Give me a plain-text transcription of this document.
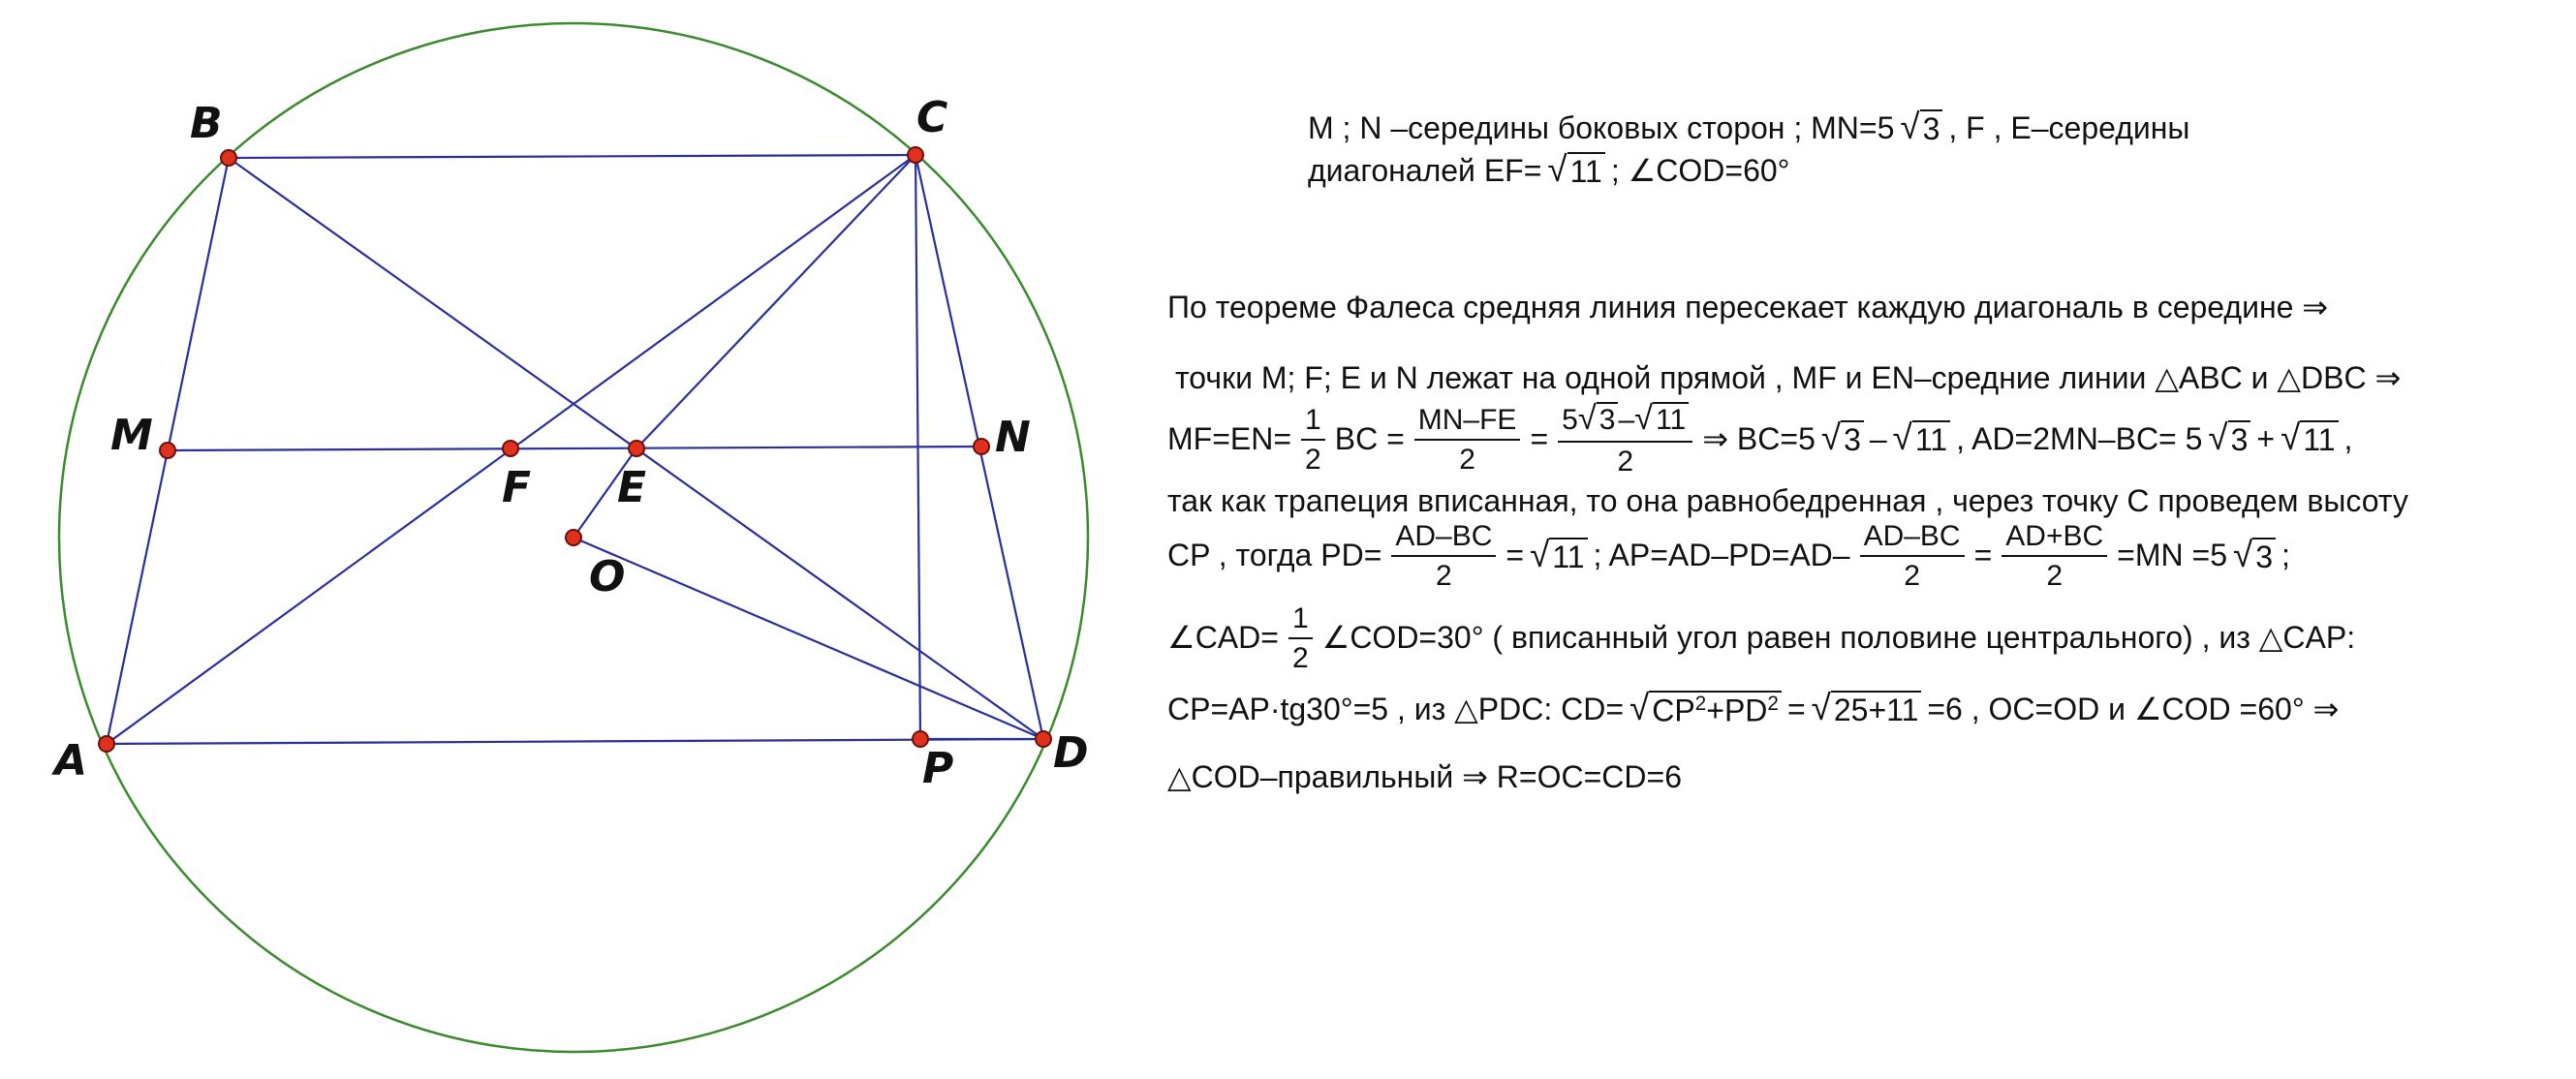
B	C
M
F E
N
O
A	P D
M ; N –середины боковых сторон ; MN=5 √ 3 , F , E–середины
диагоналей EF= √ 11 ; ∠COD=60°
По теореме Фалеса средняя линия пересекает каждую диагональ в середине ⇒
точки M; F; E и N лежат на одной прямой , MF и EN–средние линии △ABC и △DBC ⇒
$MF=EN= \frac{1}{2}$ BC = $\frac{MN-FE}{2} = \frac{5 √ 3 - √ 11}{2}$ ⇒ BC=5 √ 3 – √ 11 , AD=2MN–BC= 5 √ 3 + √ 11 ,
так как трапеция вписанная, то она равнобедренная , через точку C проведем высоту
CP , тогда $PD= \frac{AD-BC}{2}$ = √ 11 ; $AP=AD-PD=AD- \frac{AD-BC}{2} = \frac{AD+BC}{2} =MN =5$ √ 3 ;
∠CAD= $\frac{1}{2}$ ∠COD=30° ( вписанный угол равен половине центрального) , из △CAP:
CP=AP·tg30°=5 , из △PDC: CD= √ $CP^2+PD^2$ = √ 25+11 =6 , OC=OD и ∠COD =60° ⇒
△COD–правильный ⇒ R=OC=CD=6
